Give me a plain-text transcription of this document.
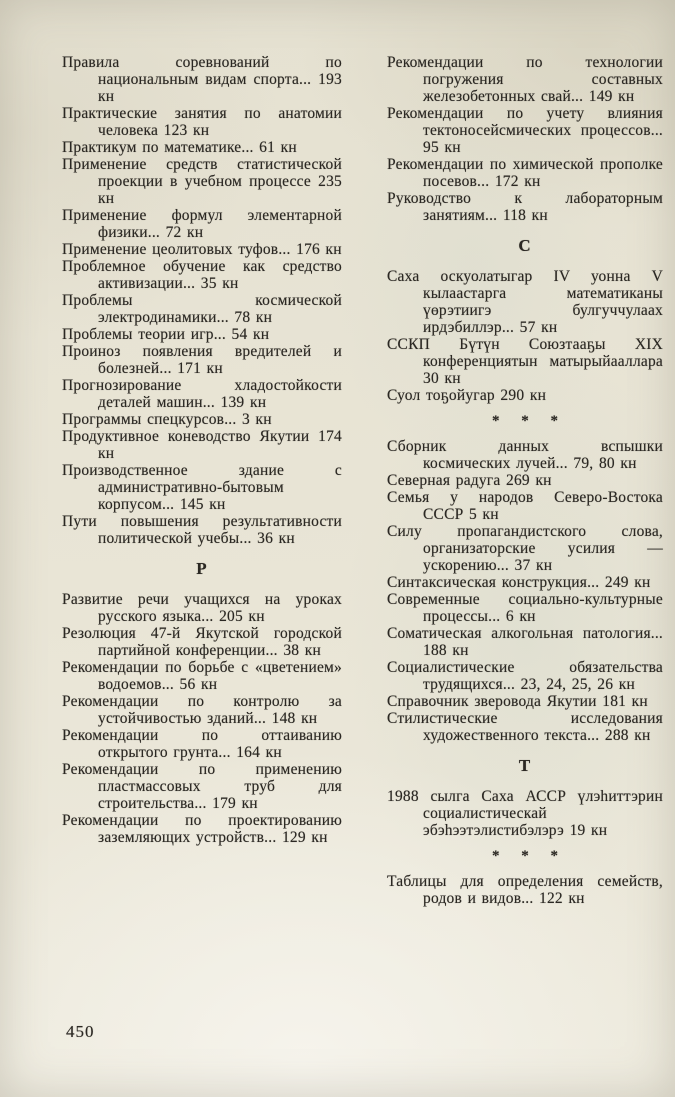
Правила соревнований по национальным видам спорта... 193 кн

Практические занятия по анатомии человека 123 кн

Практикум по математике... 61 кн

Применение средств статистической проекции в учебном процессе 235 кн

Применение формул элементарной физики... 72 кн

Применение цеолитовых туфов... 176 кн

Проблемное обучение как средство активизации... 35 кн

Проблемы космической электродинамики... 78 кн

Проблемы теории игр... 54 кн

Проиноз появления вредителей и болезней... 171 кн

Прогнозирование хладостойкости деталей машин... 139 кн

Программы спецкурсов... 3 кн

Продуктивное коневодство Якутии 174 кн

Производственное здание с административно-бытовым корпусом... 145 кн

Пути повышения результативности политической учебы... 36 кн

Р

Развитие речи учащихся на уроках русского языка... 205 кн

Резолюция 47-й Якутской городской партийной конференции... 38 кн

Рекомендации по борьбе с «цветением» водоемов... 56 кн

Рекомендации по контролю за устойчивостью зданий... 148 кн

Рекомендации по оттаиванию открытого грунта... 164 кн

Рекомендации по применению пластмассовых труб для строительства... 179 кн

Рекомендации по проектированию заземляющих устройств... 129 кн

Рекомендации по технологии погружения составных железобетонных свай... 149 кн

Рекомендации по учету влияния тектоносейсмических процессов... 95 кн

Рекомендации по химической прополке посевов... 172 кн

Руководство к лабораторным занятиям... 118 кн

С

Саха оскуолатыгар IV уонна V кылаастарга математиканы үөрэтиигэ булгуччулаах ирдэбиллэр... 57 кн

ССКП Бүтүн Союзтааҕы XIX конференциятын матырыйааллара 30 кн

Суол тоҕойугар 290 кн

* * *

Сборник данных вспышки космических лучей... 79, 80 кн

Северная радуга 269 кн

Семья у народов Северо-Востока СССР 5 кн

Силу пропагандистского слова, организаторские усилия — ускорению... 37 кн

Синтаксическая конструкция... 249 кн

Современные социально-культурные процессы... 6 кн

Соматическая алкогольная патология... 188 кн

Социалистические обязательства трудящихся... 23, 24, 25, 26 кн

Справочник зверовода Якутии 181 кн

Стилистические исследования художественного текста... 288 кн

Т

1988 сылга Саха АССР үлэһиттэрин социалистическай эбэһээтэлистибэлэрэ 19 кн

* * *

Таблицы для определения семейств, родов и видов... 122 кн

450
